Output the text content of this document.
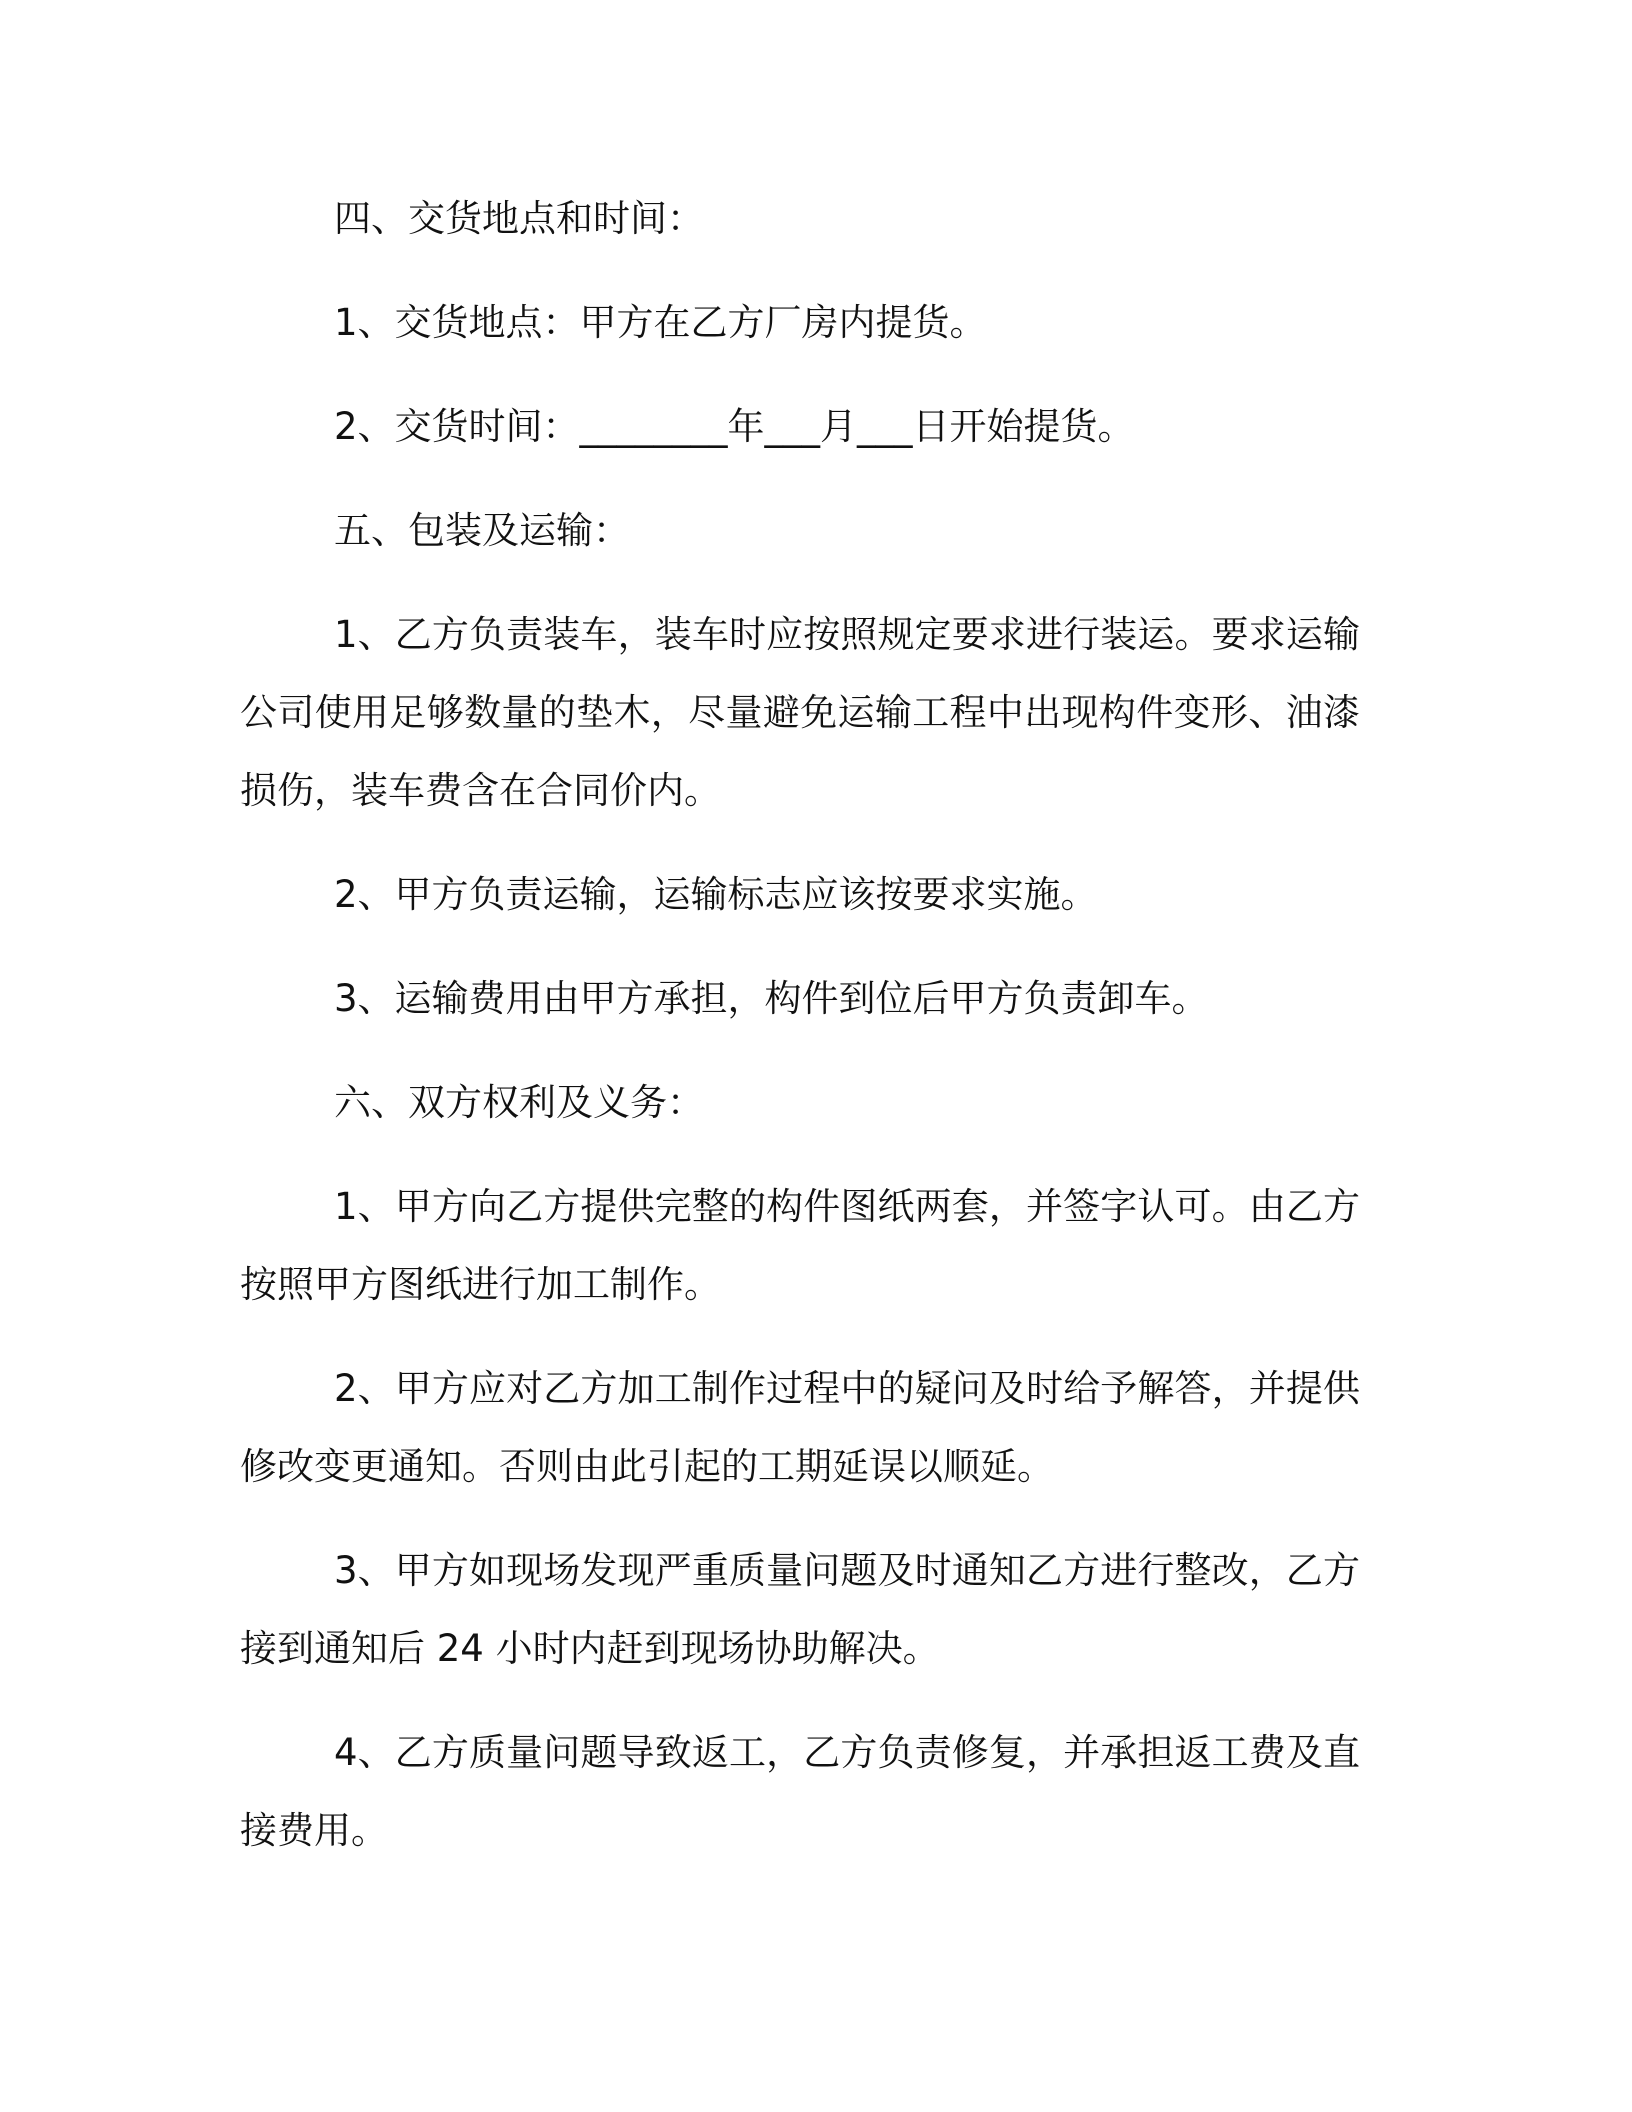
四、交货地点和时间：

1、交货地点：甲方在乙方厂房内提货。

2、交货时间：________年___月___日开始提货。

五、包装及运输：

1、乙方负责装车，装车时应按照规定要求进行装运。要求运输公司使用足够数量的垫木，尽量避免运输工程中出现构件变形、油漆损伤，装车费含在合同价内。

2、甲方负责运输，运输标志应该按要求实施。

3、运输费用由甲方承担，构件到位后甲方负责卸车。

六、双方权利及义务：

1、甲方向乙方提供完整的构件图纸两套，并签字认可。由乙方按照甲方图纸进行加工制作。

2、甲方应对乙方加工制作过程中的疑问及时给予解答，并提供修改变更通知。否则由此引起的工期延误以顺延。

3、甲方如现场发现严重质量问题及时通知乙方进行整改，乙方接到通知后 24 小时内赶到现场协助解决。

4、乙方质量问题导致返工，乙方负责修复，并承担返工费及直接费用。
